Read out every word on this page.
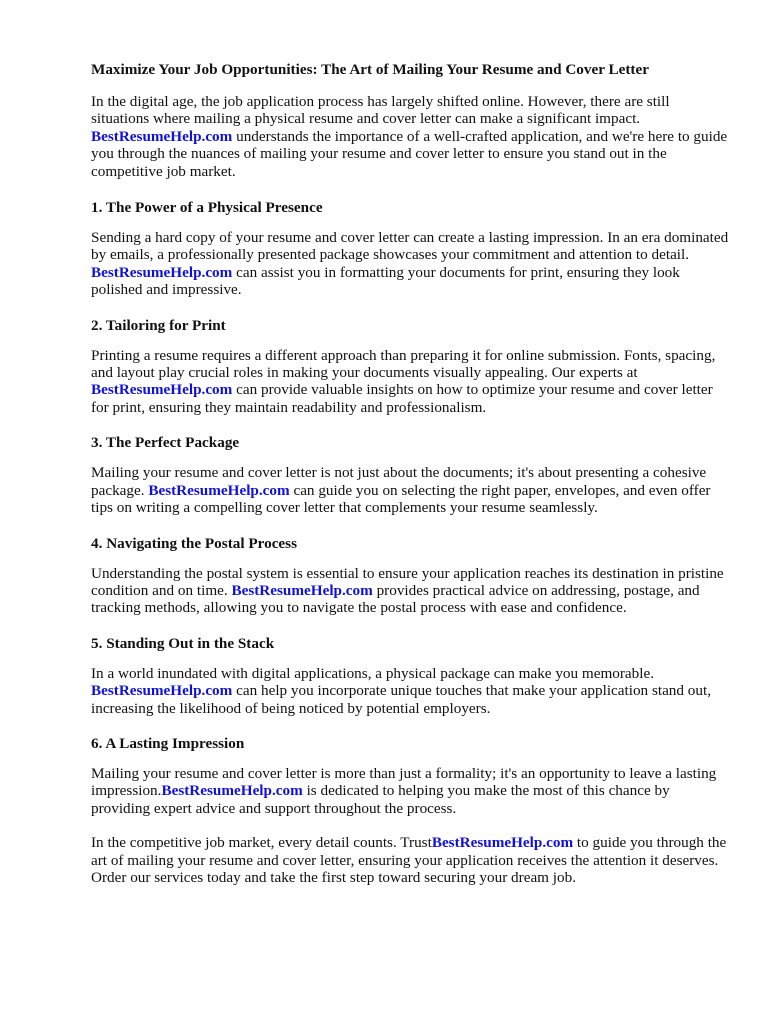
Maximize Your Job Opportunities: The Art of Mailing Your Resume and Cover Letter

In the digital age, the job application process has largely shifted online. However, there are still situations where mailing a physical resume and cover letter can make a significant impact. BestResumeHelp.com understands the importance of a well-crafted application, and we're here to guide you through the nuances of mailing your resume and cover letter to ensure you stand out in the competitive job market.

1. The Power of a Physical Presence

Sending a hard copy of your resume and cover letter can create a lasting impression. In an era dominated by emails, a professionally presented package showcases your commitment and attention to detail. BestResumeHelp.com can assist you in formatting your documents for print, ensuring they look polished and impressive.

2. Tailoring for Print

Printing a resume requires a different approach than preparing it for online submission. Fonts, spacing, and layout play crucial roles in making your documents visually appealing. Our experts at BestResumeHelp.com can provide valuable insights on how to optimize your resume and cover letter for print, ensuring they maintain readability and professionalism.

3. The Perfect Package

Mailing your resume and cover letter is not just about the documents; it's about presenting a cohesive package. BestResumeHelp.com can guide you on selecting the right paper, envelopes, and even offer tips on writing a compelling cover letter that complements your resume seamlessly.

4. Navigating the Postal Process

Understanding the postal system is essential to ensure your application reaches its destination in pristine condition and on time. BestResumeHelp.com provides practical advice on addressing, postage, and tracking methods, allowing you to navigate the postal process with ease and confidence.

5. Standing Out in the Stack

In a world inundated with digital applications, a physical package can make you memorable. BestResumeHelp.com can help you incorporate unique touches that make your application stand out, increasing the likelihood of being noticed by potential employers.

6. A Lasting Impression

Mailing your resume and cover letter is more than just a formality; it's an opportunity to leave a lasting impression.BestResumeHelp.com is dedicated to helping you make the most of this chance by providing expert advice and support throughout the process.

In the competitive job market, every detail counts. TrustBestResumeHelp.com to guide you through the art of mailing your resume and cover letter, ensuring your application receives the attention it deserves. Order our services today and take the first step toward securing your dream job.
